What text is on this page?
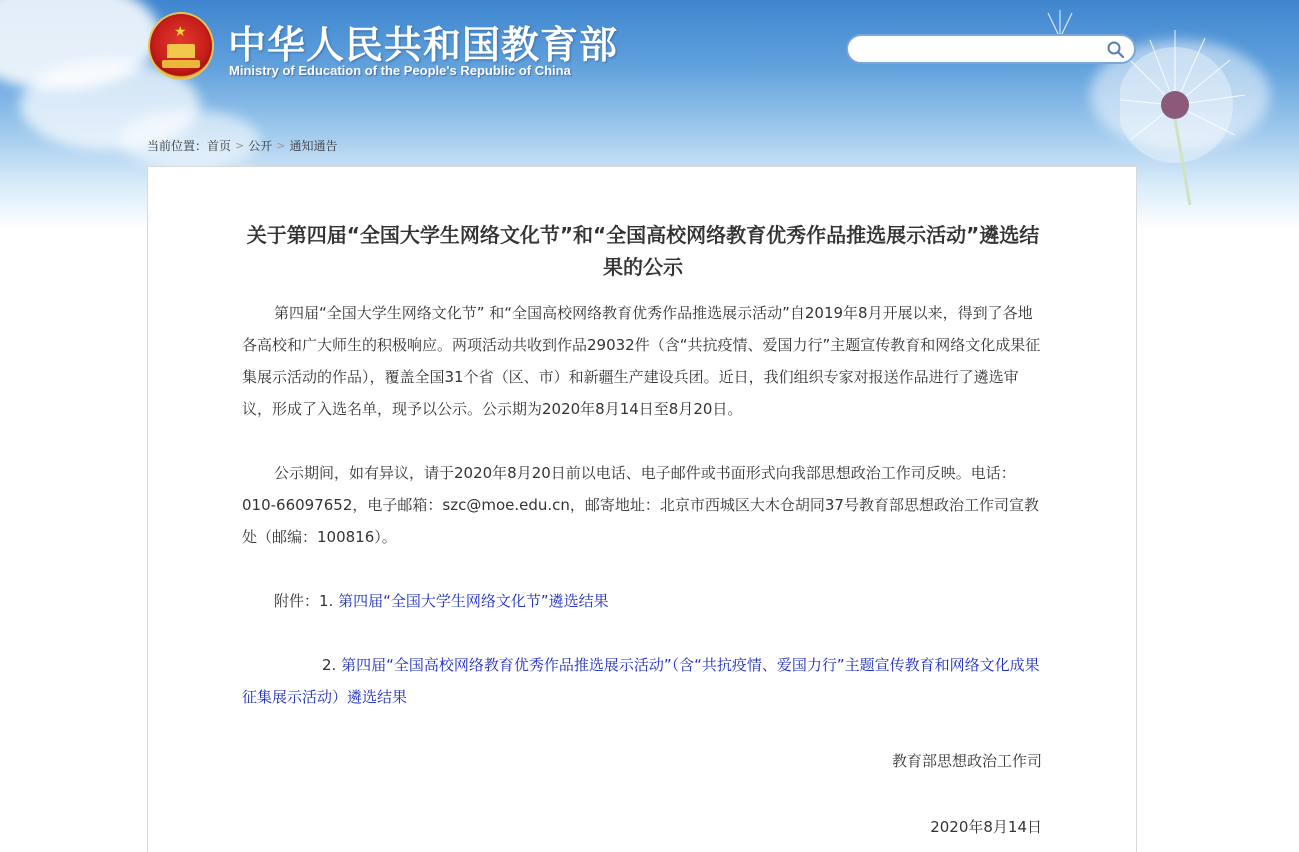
★ 中华人民共和国教育部
Ministry of Education of the People's Republic of China
当前位置：首页 > 公开 > 通知通告
关于第四届“全国大学生网络文化节”和“全国高校网络教育优秀作品推选展示活动”遴选结果的公示
第四届“全国大学生网络文化节” 和“全国高校网络教育优秀作品推选展示活动”自2019年8月开展以来，得到了各地各高校和广大师生的积极响应。两项活动共收到作品29032件（含“共抗疫情、爱国力行”主题宣传教育和网络文化成果征集展示活动的作品），覆盖全国31个省（区、市）和新疆生产建设兵团。近日，我们组织专家对报送作品进行了遴选审议，形成了入选名单，现予以公示。公示期为2020年8月14日至8月20日。
公示期间，如有异议，请于2020年8月20日前以电话、电子邮件或书面形式向我部思想政治工作司反映。电话：010-66097652，电子邮箱：szc@moe.edu.cn，邮寄地址：北京市西城区大木仓胡同37号教育部思想政治工作司宣教处（邮编：100816）。
附件：1. 第四届“全国大学生网络文化节”遴选结果
2. 第四届“全国高校网络教育优秀作品推选展示活动”（含“共抗疫情、爱国力行”主题宣传教育和网络文化成果征集展示活动）遴选结果
教育部思想政治工作司
2020年8月14日
